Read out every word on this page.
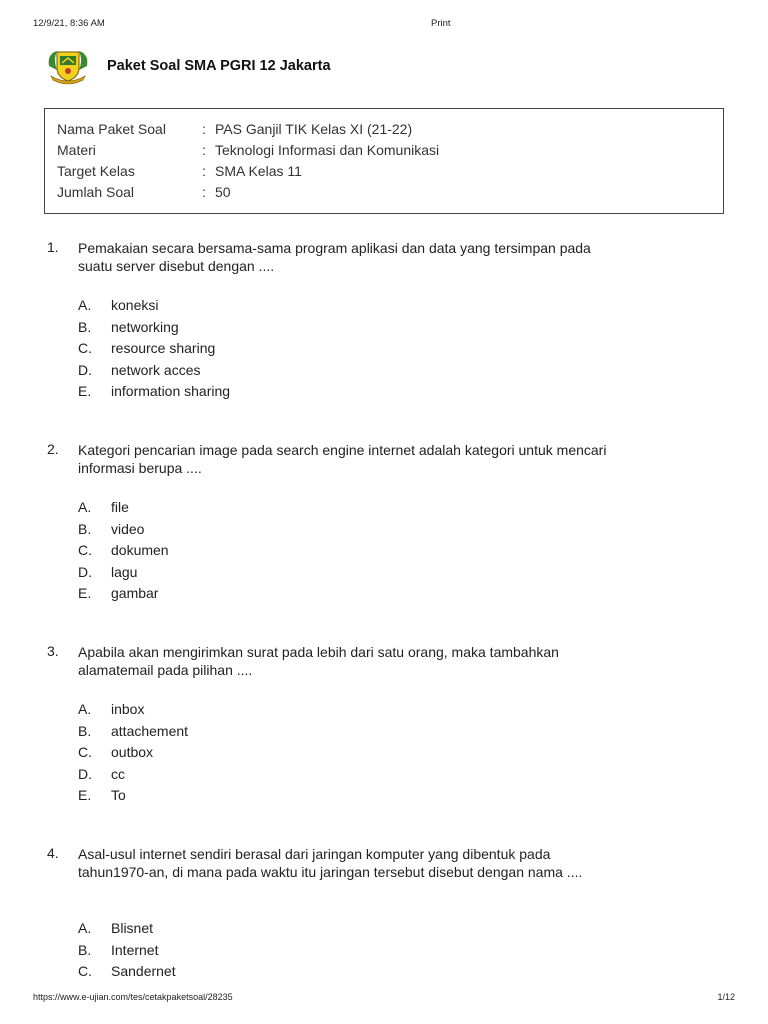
12/9/21, 8:36 AM	Print
Paket Soal SMA PGRI 12 Jakarta
Nama Paket Soal	: PAS Ganjil TIK Kelas XI (21-22)
Materi	: Teknologi Informasi dan Komunikasi
Target Kelas	: SMA Kelas 11
Jumlah Soal	: 50
1. Pemakaian secara bersama-sama program aplikasi dan data yang tersimpan pada suatu server disebut dengan ....
A. koneksi
B. networking
C. resource sharing
D. network acces
E. information sharing
2. Kategori pencarian image pada search engine internet adalah kategori untuk mencari informasi berupa ....
A. file
B. video
C. dokumen
D. lagu
E. gambar
3. Apabila akan mengirimkan surat pada lebih dari satu orang, maka tambahkan alamatemail pada pilihan ....
A. inbox
B. attachement
C. outbox
D. cc
E. To
4. Asal-usul internet sendiri berasal dari jaringan komputer yang dibentuk pada tahun1970-an, di mana pada waktu itu jaringan tersebut disebut dengan nama ....
A. Blisnet
B. Internet
C. Sandernet
https://www.e-ujian.com/tes/cetakpaketsoal/28235	1/12
